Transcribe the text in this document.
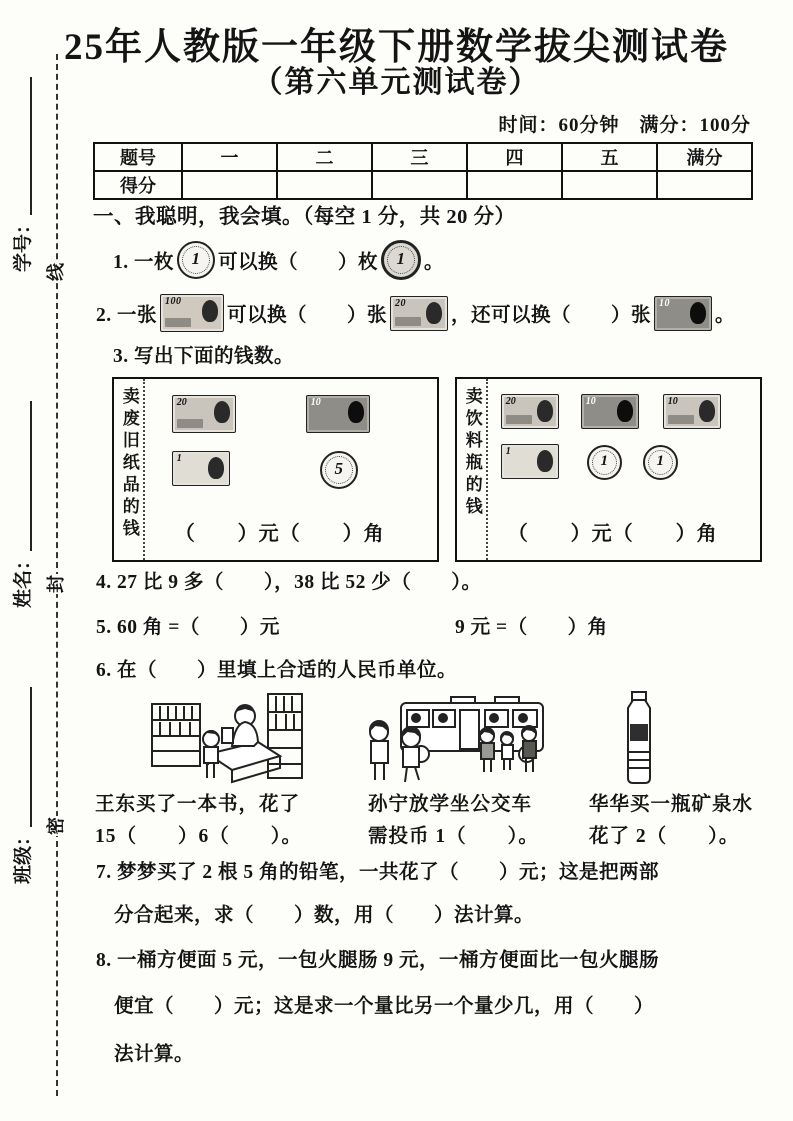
学号：
姓名：
班级：
线
封
密
25年人教版一年级下册数学拔尖测试卷
（第六单元测试卷）
时间：60分钟　满分：100分
题号	一	二	三	四	五	满分
得分						
一、我聪明，我会填。（每空 1 分，共 20 分）
1. 一枚	1 可以换（　　）枚	1 。
2. 一张
100
可以换（　　）张
20
，还可以换（　　）张
10
。
3. 写出下面的钱数。
卖废旧纸品的钱	20	10
1
5
（　　）元（　　）角
卖饮料瓶的钱	20	10	10
1
1	1
（　　）元（　　）角
4. 27 比 9 多（　　），38 比 52 少（　　）。
5. 60 角 =（　　）元	9 元 =（　　）角
6. 在（　　）里填上合适的人民币单位。
王东买了一本书，花了
15（　　）6（　　）。
孙宁放学坐公交车
需投币 1（　　）。
华华买一瓶矿泉水
花了 2（　　）。
7. 梦梦买了 2 根 5 角的铅笔，一共花了（　　）元；这是把两部
分合起来，求（　　）数，用（　　）法计算。
8. 一桶方便面 5 元，一包火腿肠 9 元，一桶方便面比一包火腿肠
便宜（　　）元；这是求一个量比另一个量少几，用（　　）
法计算。
